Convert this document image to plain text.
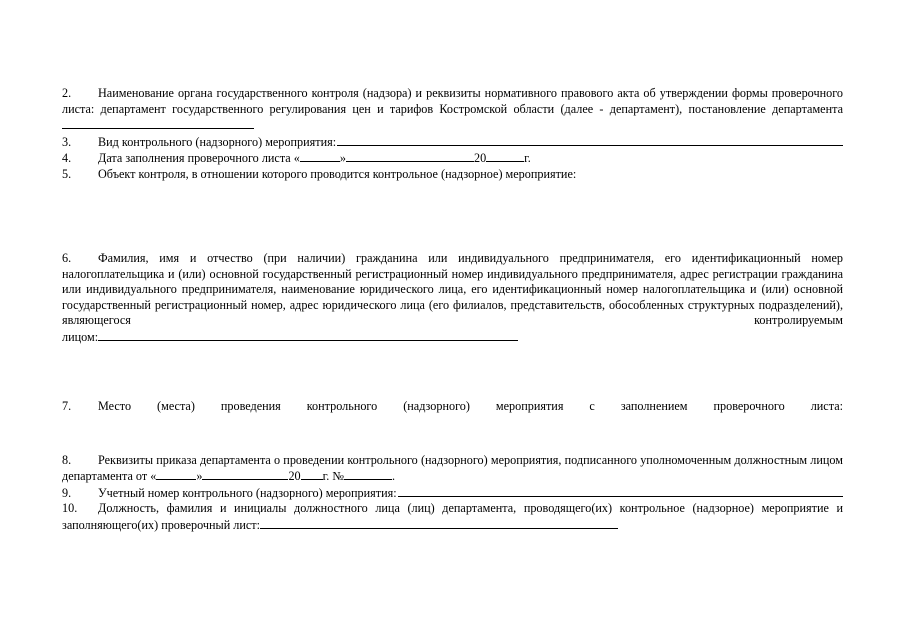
2. Наименование органа государственного контроля (надзора) и реквизиты нормативного правового акта об утверждении формы проверочного листа: департамент государственного регулирования цен и тарифов Костромской области (далее - департамент), постановление департамента

3.	Вид контрольного (надзорного) мероприятия:
4.	Дата заполнения проверочного листа «	»	20	г.
5.	Объект контроля, в отношении которого проводится контрольное (надзорное) мероприятие:

6. Фамилия, имя и отчество (при наличии) гражданина или индивидуального предпринимателя, его идентификационный номер налогоплательщика и (или) основной государственный регистрационный номер индивидуального предпринимателя, адрес регистрации гражданина или индивидуального предпринимателя, наименование юридического лица, его идентификационный номер налогоплательщика и (или) основной государственный регистрационный номер, адрес юридического лица (его филиалов, представительств, обособленных структурных подразделений), являющегося контролируемым

лицом:

7. Место (места) проведения контрольного (надзорного) мероприятия с заполнением проверочного листа:

8. Реквизиты приказа департамента о проведении контрольного (надзорного) мероприятия, подписанного уполномоченным должностным лицом департамента от «	»	20 г. №	.

9.	Учетный номер контрольного (надзорного) мероприятия:

10. Должность, фамилия и инициалы должностного лица (лиц) департамента, проводящего(их) контрольное (надзорное) мероприятие и заполняющего(их) проверочный лист:
